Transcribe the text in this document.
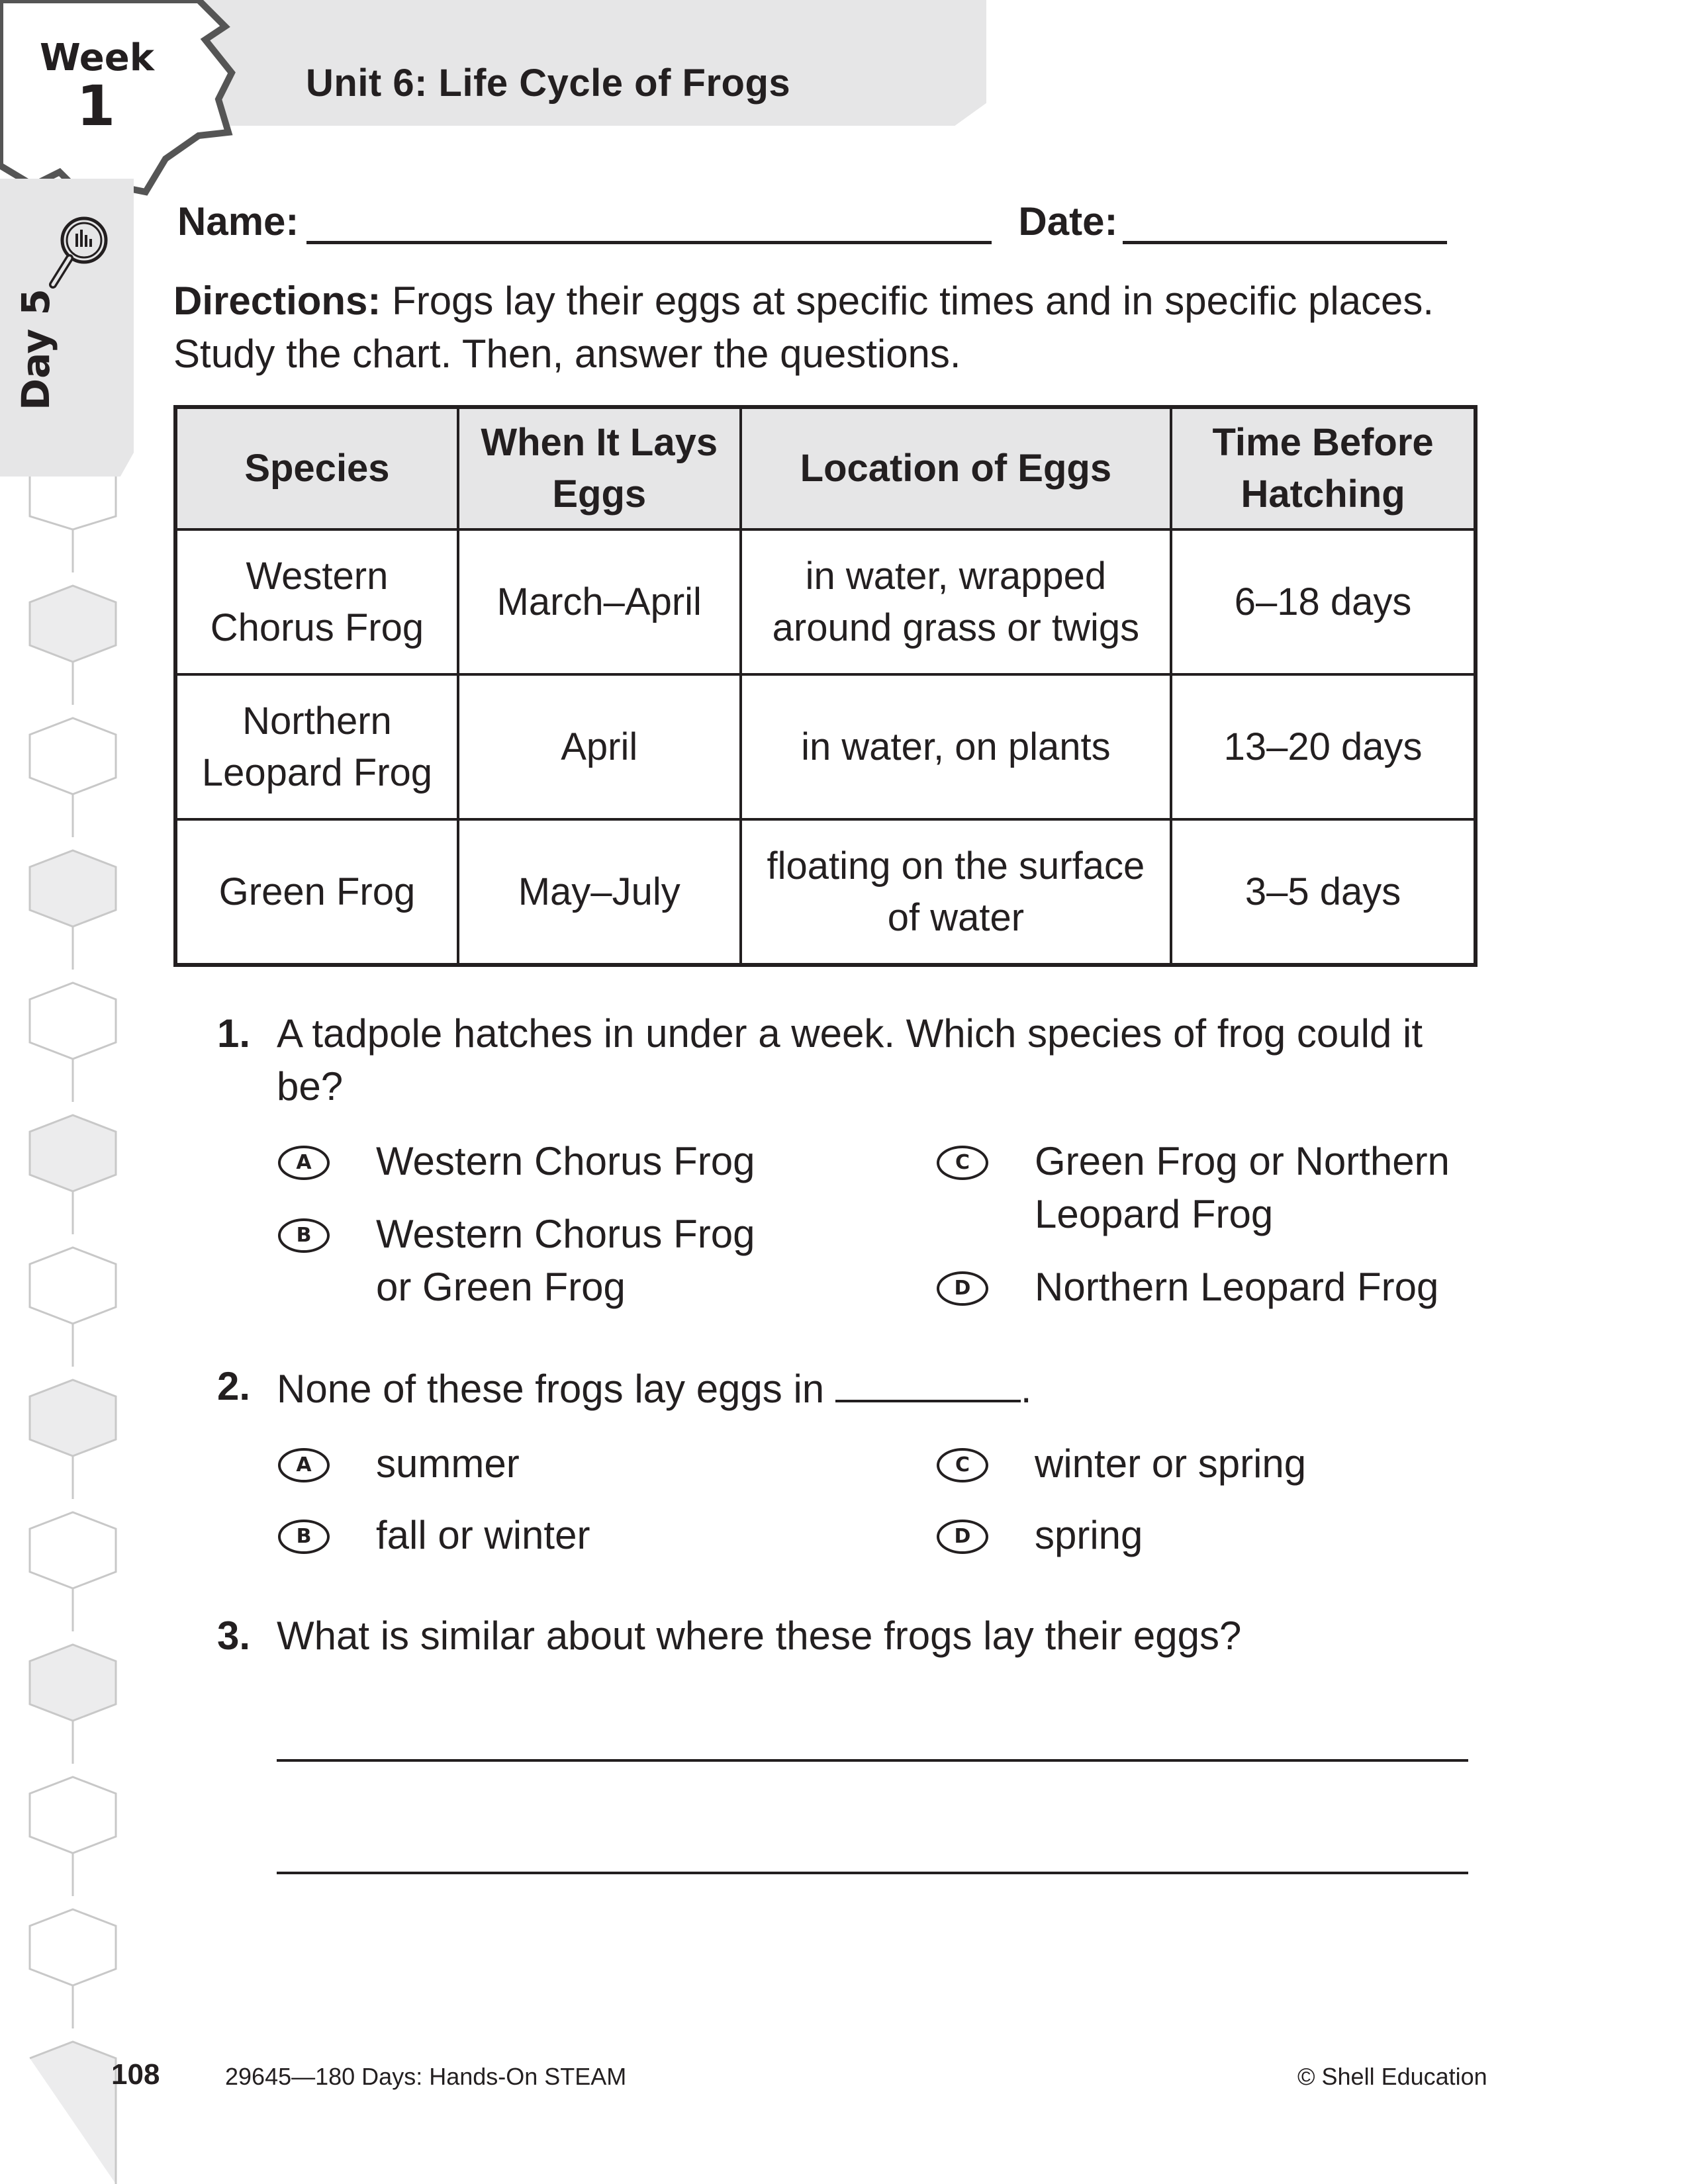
Unit 6: Life Cycle of Frogs
Week
1
Day 5
Name:	Date:
Directions: Frogs lay their eggs at specific times and in specific places. Study the chart. Then, answer the questions.
Species	When It Lays Eggs	Location of Eggs	Time Before Hatching
Western Chorus Frog	March–April	in water, wrapped around grass or twigs	6–18 days
Northern Leopard Frog	April	in water, on plants	13–20 days
Green Frog	May–July	floating on the surface of water	3–5 days
1. A tadpole hatches in under a week. Which species of frog could it be?
A	Western Chorus Frog
B	Western Chorus Frog or Green Frog
C	Green Frog or Northern Leopard Frog
D	Northern Leopard Frog
2. None of these frogs lay eggs in	.
A	summer
B	fall or winter
C	winter or spring
D	spring
3. What is similar about where these frogs lay their eggs?
108	29645—180 Days: Hands-On STEAM	© Shell Education
